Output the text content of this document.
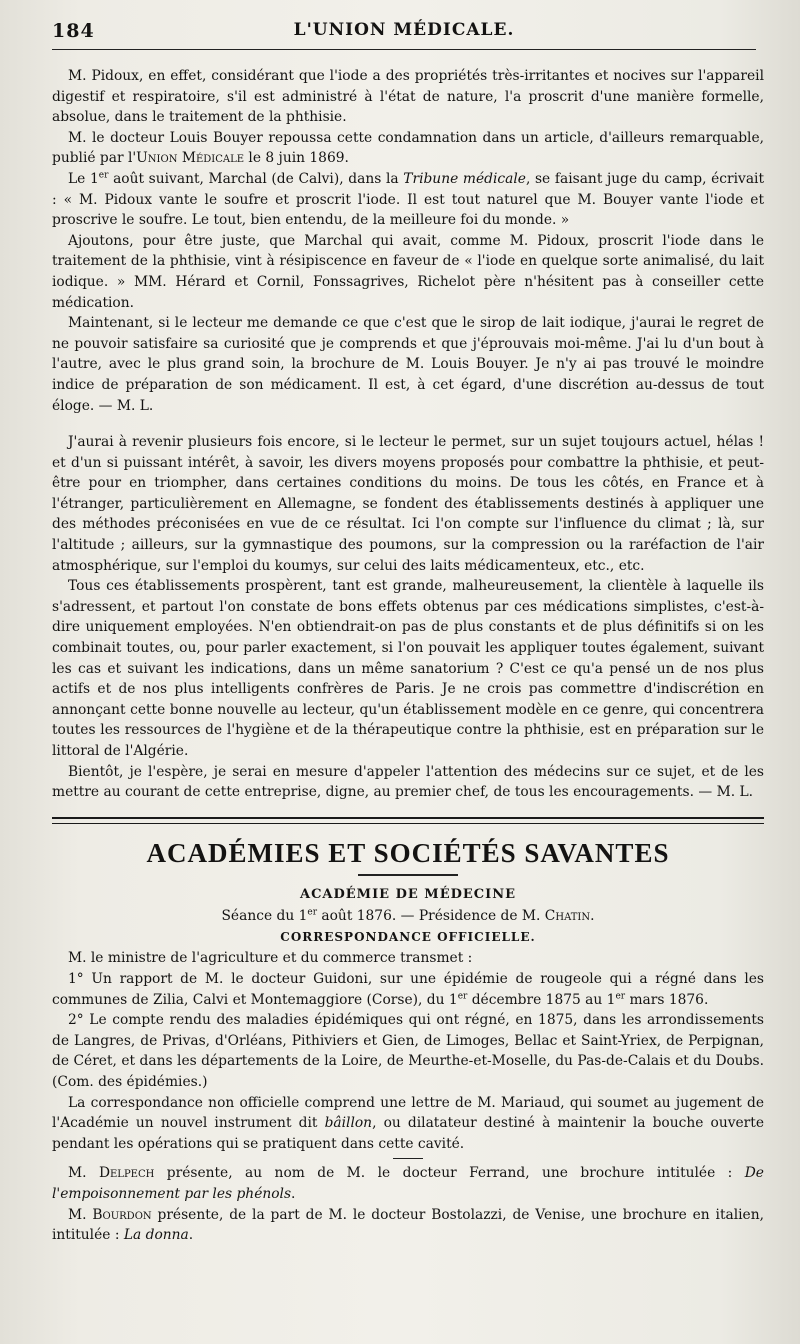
184	L'UNION MÉDICALE.

M. Pidoux, en effet, considérant que l'iode a des propriétés très-irritantes et nocives sur l'appareil digestif et respiratoire, s'il est administré à l'état de nature, l'a proscrit d'une manière formelle, absolue, dans le traitement de la phthisie.

M. le docteur Louis Bouyer repoussa cette condamnation dans un article, d'ailleurs remarquable, publié par l'Union Médicale le 8 juin 1869.

Le 1er août suivant, Marchal (de Calvi), dans la Tribune médicale, se faisant juge du camp, écrivait : « M. Pidoux vante le soufre et proscrit l'iode. Il est tout naturel que M. Bouyer vante l'iode et proscrive le soufre. Le tout, bien entendu, de la meilleure foi du monde. »

Ajoutons, pour être juste, que Marchal qui avait, comme M. Pidoux, proscrit l'iode dans le traitement de la phthisie, vint à résipiscence en faveur de « l'iode en quelque sorte animalisé, du lait iodique. » MM. Hérard et Cornil, Fonssagrives, Richelot père n'hésitent pas à conseiller cette médication.

Maintenant, si le lecteur me demande ce que c'est que le sirop de lait iodique, j'aurai le regret de ne pouvoir satisfaire sa curiosité que je comprends et que j'éprouvais moi-même. J'ai lu d'un bout à l'autre, avec le plus grand soin, la brochure de M. Louis Bouyer. Je n'y ai pas trouvé le moindre indice de préparation de son médicament. Il est, à cet égard, d'une discrétion au-dessus de tout éloge. — M. L.

J'aurai à revenir plusieurs fois encore, si le lecteur le permet, sur un sujet toujours actuel, hélas ! et d'un si puissant intérêt, à savoir, les divers moyens proposés pour combattre la phthisie, et peut-être pour en triompher, dans certaines conditions du moins. De tous les côtés, en France et à l'étranger, particulièrement en Allemagne, se fondent des établissements destinés à appliquer une des méthodes préconisées en vue de ce résultat. Ici l'on compte sur l'influence du climat ; là, sur l'altitude ; ailleurs, sur la gymnastique des poumons, sur la compression ou la raréfaction de l'air atmosphérique, sur l'emploi du koumys, sur celui des laits médicamenteux, etc., etc.

Tous ces établissements prospèrent, tant est grande, malheureusement, la clientèle à laquelle ils s'adressent, et partout l'on constate de bons effets obtenus par ces médications simplistes, c'est-à-dire uniquement employées. N'en obtiendrait-on pas de plus constants et de plus définitifs si on les combinait toutes, ou, pour parler exactement, si l'on pouvait les appliquer toutes également, suivant les cas et suivant les indications, dans un même sanatorium ? C'est ce qu'a pensé un de nos plus actifs et de nos plus intelligents confrères de Paris. Je ne crois pas commettre d'indiscrétion en annonçant cette bonne nouvelle au lecteur, qu'un établissement modèle en ce genre, qui concentrera toutes les ressources de l'hygiène et de la thérapeutique contre la phthisie, est en préparation sur le littoral de l'Algérie.

Bientôt, je l'espère, je serai en mesure d'appeler l'attention des médecins sur ce sujet, et de les mettre au courant de cette entreprise, digne, au premier chef, de tous les encouragements. — M. L.

ACADÉMIES ET SOCIÉTÉS SAVANTES
ACADÉMIE DE MÉDECINE

Séance du 1er août 1876. — Présidence de M. Chatin.

CORRESPONDANCE OFFICIELLE.

M. le ministre de l'agriculture et du commerce transmet :

1° Un rapport de M. le docteur Guidoni, sur une épidémie de rougeole qui a régné dans les communes de Zilia, Calvi et Montemaggiore (Corse), du 1er décembre 1875 au 1er mars 1876.

2° Le compte rendu des maladies épidémiques qui ont régné, en 1875, dans les arrondissements de Langres, de Privas, d'Orléans, Pithiviers et Gien, de Limoges, Bellac et Saint-Yriex, de Perpignan, de Céret, et dans les départements de la Loire, de Meurthe-et-Moselle, du Pas-de-Calais et du Doubs. (Com. des épidémies.)

La correspondance non officielle comprend une lettre de M. Mariaud, qui soumet au jugement de l'Académie un nouvel instrument dit bâillon, ou dilatateur destiné à maintenir la bouche ouverte pendant les opérations qui se pratiquent dans cette cavité.

M. Delpech présente, au nom de M. le docteur Ferrand, une brochure intitulée : De l'empoisonnement par les phénols.

M. Bourdon présente, de la part de M. le docteur Bostolazzi, de Venise, une brochure en italien, intitulée : La donna.
